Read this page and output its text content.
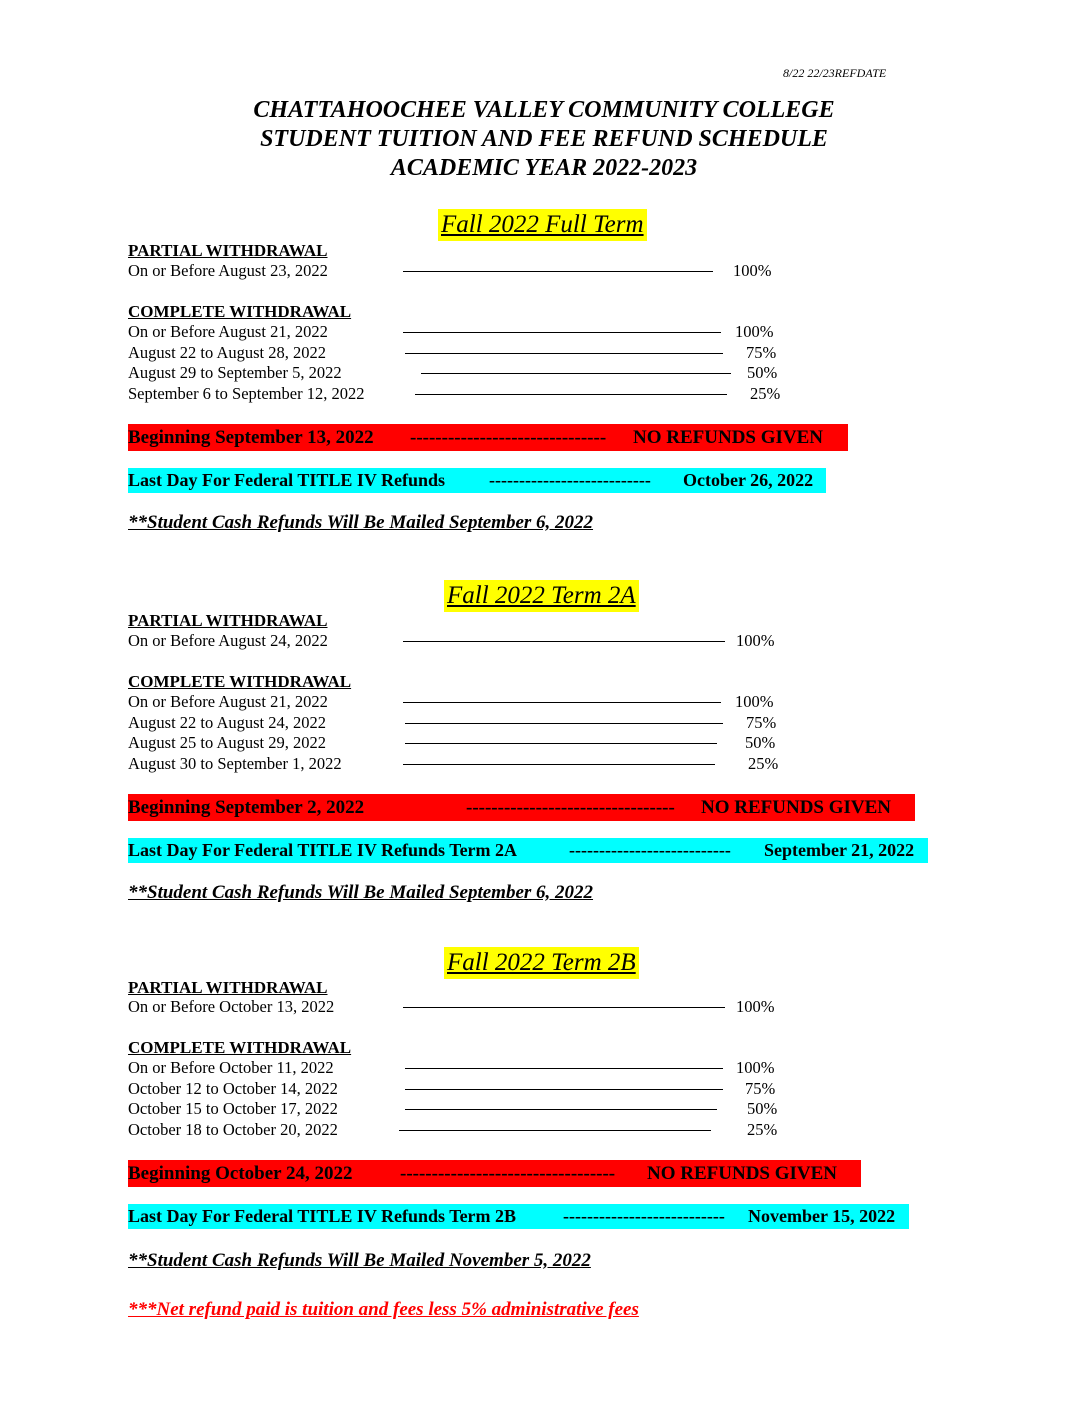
8/22 22/23REFDATE
CHATTAHOOCHEE VALLEY COMMUNITY COLLEGE
STUDENT TUITION AND FEE REFUND SCHEDULE
ACADEMIC YEAR 2022-2023
Fall 2022 Full Term
PARTIAL WITHDRAWAL
On or Before August 23, 2022	100%
COMPLETE WITHDRAWAL
On or Before August 21, 2022	100%
August 22 to August 28, 2022	75%
August 29 to September 5, 2022	50%
September 6 to September 12, 2022	25%
Beginning September 13, 2022 ------------------------------- NO REFUNDS GIVEN
Last Day For Federal TITLE IV Refunds --------------------------- October 26, 2022
**Student Cash Refunds Will Be Mailed September 6, 2022
Fall 2022 Term 2A
PARTIAL WITHDRAWAL
On or Before August 24, 2022	100%
COMPLETE WITHDRAWAL
On or Before August 21, 2022	100%
August 22 to August 24, 2022	75%
August 25 to August 29, 2022	50%
August 30 to September 1, 2022	25%
Beginning September 2, 2022	--------------------------------- NO REFUNDS GIVEN
Last Day For Federal TITLE IV Refunds Term 2A	--------------------------- September 21, 2022
**Student Cash Refunds Will Be Mailed September 6, 2022
Fall 2022 Term 2B
PARTIAL WITHDRAWAL
On or Before October 13, 2022	100%
COMPLETE WITHDRAWAL
On or Before October 11, 2022	100%
October 12 to October 14, 2022	75%
October 15 to October 17, 2022	50%
October 18 to October 20, 2022	25%
Beginning October 24, 2022	---------------------------------- NO REFUNDS GIVEN
Last Day For Federal TITLE IV Refunds Term 2B	--------------------------- November 15, 2022
**Student Cash Refunds Will Be Mailed November 5, 2022
***Net refund paid is tuition and fees less 5% administrative fees
